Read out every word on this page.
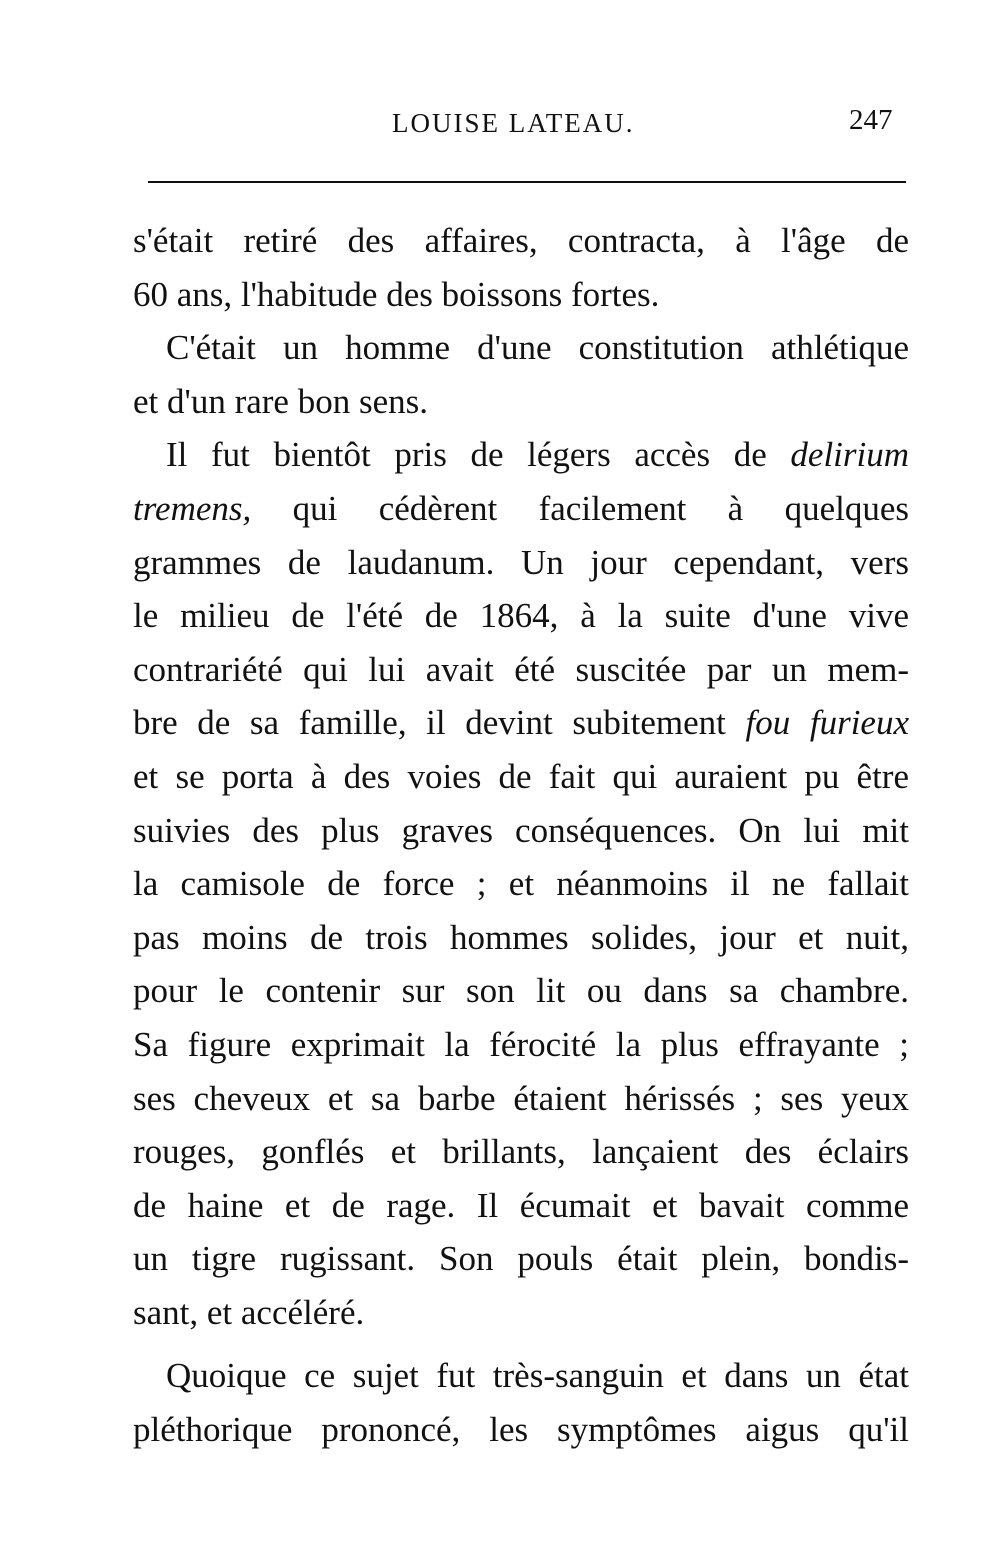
LOUISE LATEAU.	247
s'était retiré des affaires, contracta, à l'âge de
60 ans, l'habitude des boissons fortes.
C'était un homme d'une constitution athlétique
et d'un rare bon sens.
Il fut bientôt pris de légers accès de delirium
tremens, qui cédèrent facilement à quelques
grammes de laudanum. Un jour cependant, vers
le milieu de l'été de 1864, à la suite d'une vive
contrariété qui lui avait été suscitée par un mem-
bre de sa famille, il devint subitement fou furieux
et se porta à des voies de fait qui auraient pu être
suivies des plus graves conséquences. On lui mit
la camisole de force ; et néanmoins il ne fallait
pas moins de trois hommes solides, jour et nuit,
pour le contenir sur son lit ou dans sa chambre.
Sa figure exprimait la férocité la plus effrayante ;
ses cheveux et sa barbe étaient hérissés ; ses yeux
rouges, gonflés et brillants, lançaient des éclairs
de haine et de rage. Il écumait et bavait comme
un tigre rugissant. Son pouls était plein, bondis-
sant, et accéléré.
Quoique ce sujet fut très-sanguin et dans un état
pléthorique prononcé, les symptômes aigus qu'il
